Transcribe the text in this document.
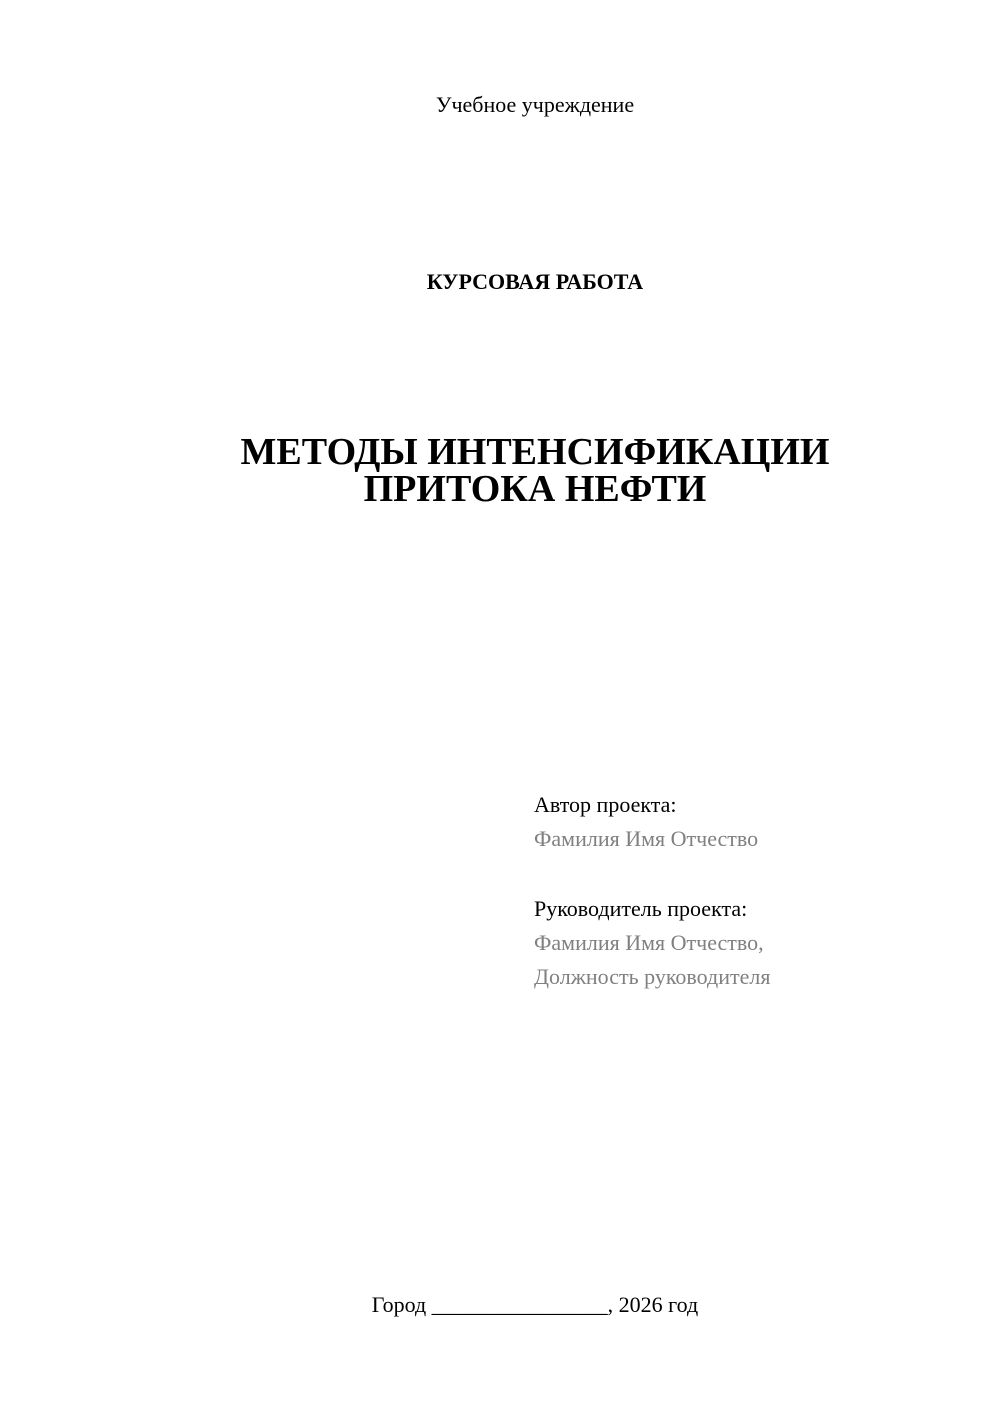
Учебное учреждение
КУРСОВАЯ РАБОТА
МЕТОДЫ ИНТЕНСИФИКАЦИИ
ПРИТОКА НЕФТИ
Автор проекта:
Фамилия Имя Отчество
Руководитель проекта:
Фамилия Имя Отчество,
Должность руководителя
Город ________________, 2026 год
